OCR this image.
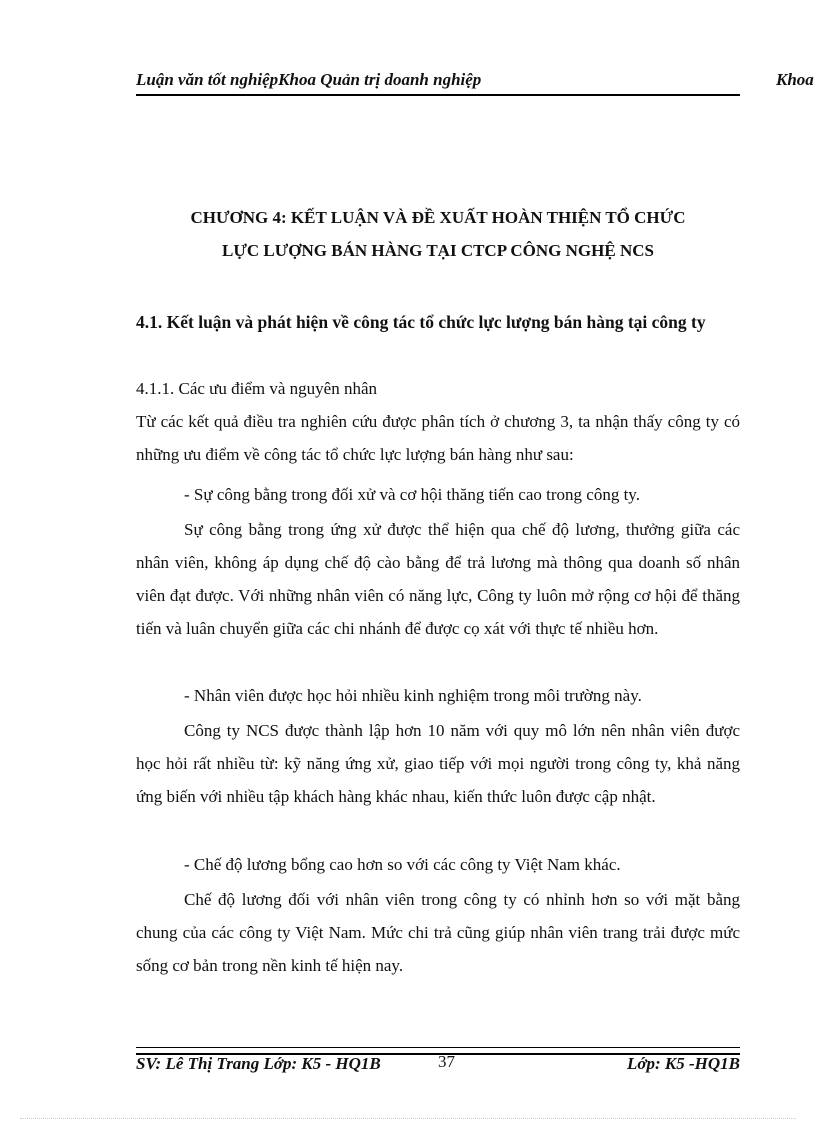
Luận văn tốt nghiệpKhoa Quản trị doanh nghiệp	Khoa
CHƯƠNG 4: KẾT LUẬN VÀ ĐỀ XUẤT HOÀN THIỆN TỔ CHỨC
LỰC LƯỢNG BÁN HÀNG TẠI CTCP CÔNG NGHỆ NCS
4.1. Kết luận và phát hiện về công tác tổ chức lực lượng bán hàng tại công ty
4.1.1. Các ưu điểm và nguyên nhân
Từ các kết quả điều tra nghiên cứu được phân tích ở chương 3, ta nhận thấy công ty có những ưu điểm về công tác tổ chức lực lượng bán hàng như sau:
- Sự công bằng trong đối xử và cơ hội thăng tiến cao trong công ty.
Sự công bằng trong ứng xử được thể hiện qua chế độ lương, thưởng giữa các nhân viên, không áp dụng chế độ cào bằng để trả lương mà thông qua doanh số nhân viên đạt được. Với những nhân viên có năng lực, Công ty luôn mở rộng cơ hội để thăng tiến và luân chuyển giữa các chi nhánh để được cọ xát với thực tế nhiều hơn.
- Nhân viên được học hỏi nhiều kinh nghiệm trong môi trường này.
Công ty NCS được thành lập hơn 10 năm với quy mô lớn nên nhân viên được học hỏi rất nhiều từ: kỹ năng ứng xử, giao tiếp với mọi người trong công ty, khả năng ứng biến với nhiều tập khách hàng khác nhau, kiến thức luôn được cập nhật.
- Chế độ lương bổng cao hơn so với các công ty Việt Nam khác.
Chế độ lương đối với nhân viên trong công ty có nhỉnh hơn so với mặt bằng chung của các công ty Việt Nam. Mức chi trả cũng giúp nhân viên trang trải được mức sống cơ bản trong nền kinh tế hiện nay.
SV: Lê Thị Trang Lớp: K5 - HQ1B	37	Lớp: K5 -HQ1B
